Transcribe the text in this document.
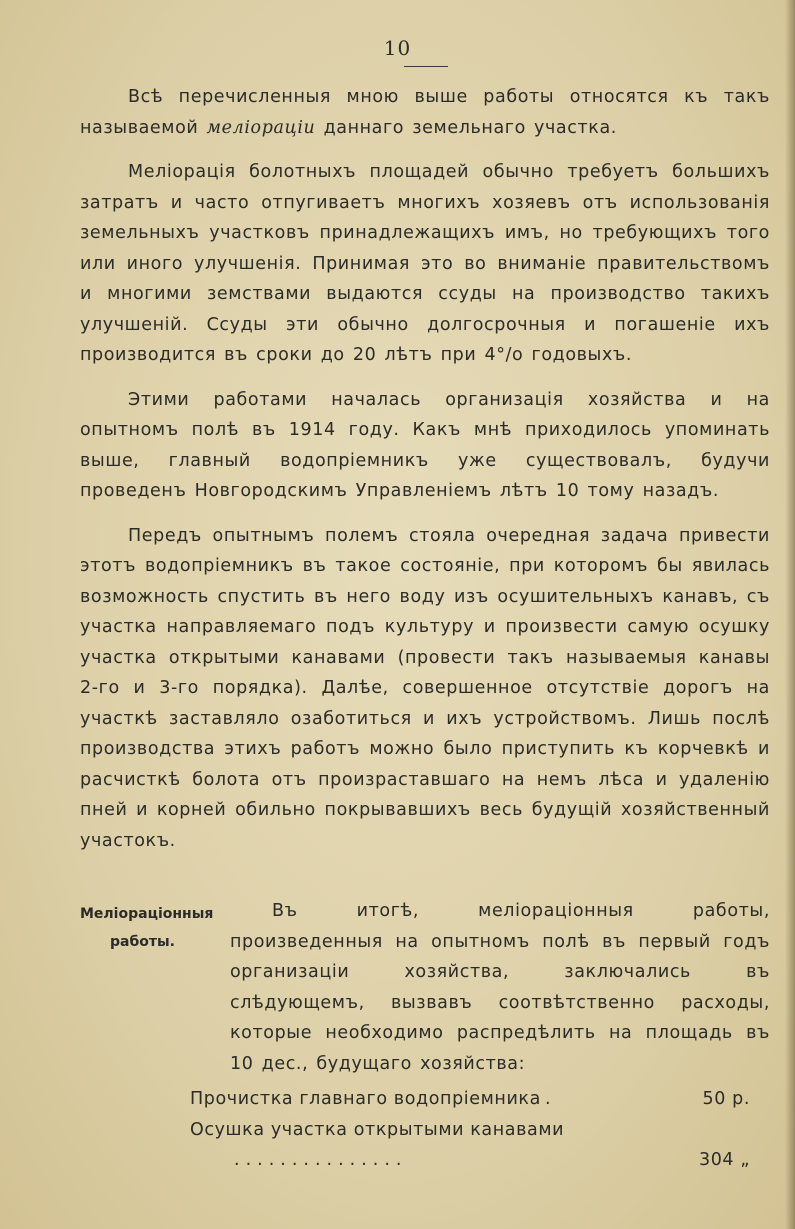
10

Всѣ перечисленныя мною выше работы относятся къ такъ называемой меліораціи даннаго земельнаго участка.

Меліорація болотныхъ площадей обычно требуетъ большихъ затратъ и часто отпугиваетъ многихъ хозяевъ отъ использованія земельныхъ участковъ принадлежащихъ имъ, но требующихъ того или иного улучшенія. Принимая это во вниманіе правительствомъ и многими земствами выдаются ссуды на производство такихъ улучшеній. Ссуды эти обычно долгосрочныя и погашеніе ихъ производится въ сроки до 20 лѣтъ при 4°/о годовыхъ.

Этими работами началась организація хозяйства и на опытномъ полѣ въ 1914 году. Какъ мнѣ приходилось упоминать выше, главный водопріемникъ уже существовалъ, будучи проведенъ Новгородскимъ Управленіемъ лѣтъ 10 тому назадъ.

Передъ опытнымъ полемъ стояла очередная задача привести этотъ водопріемникъ въ такое состояніе, при которомъ бы явилась возможность спустить въ него воду изъ осушительныхъ канавъ, съ участка направляемаго подъ культуру и произвести самую осушку участка открытыми канавами (провести такъ называемыя канавы 2-го и 3-го порядка). Далѣе, совершенное отсутствіе дорогъ на участкѣ заставляло озаботиться и ихъ устройствомъ. Лишь послѣ производства этихъ работъ можно было приступить къ корчевкѣ и расчисткѣ болота отъ произраставшаго на немъ лѣса и удаленію пней и корней обильно покрывавшихъ весь будущій хозяйственный участокъ.

Меліораціонныя
работы.
Въ итогѣ, меліораціонныя работы, произведенныя на опытномъ полѣ въ первый годъ организаціи хозяйства, заключались въ слѣдующемъ, вызвавъ соотвѣтственно расходы, которые необходимо распредѣлить на площадь въ 10 дес., будущаго хозяйства:
Прочистка главнаго водопріемника .	50 р.
Осушка участка открытыми канавами
...............	304 „
